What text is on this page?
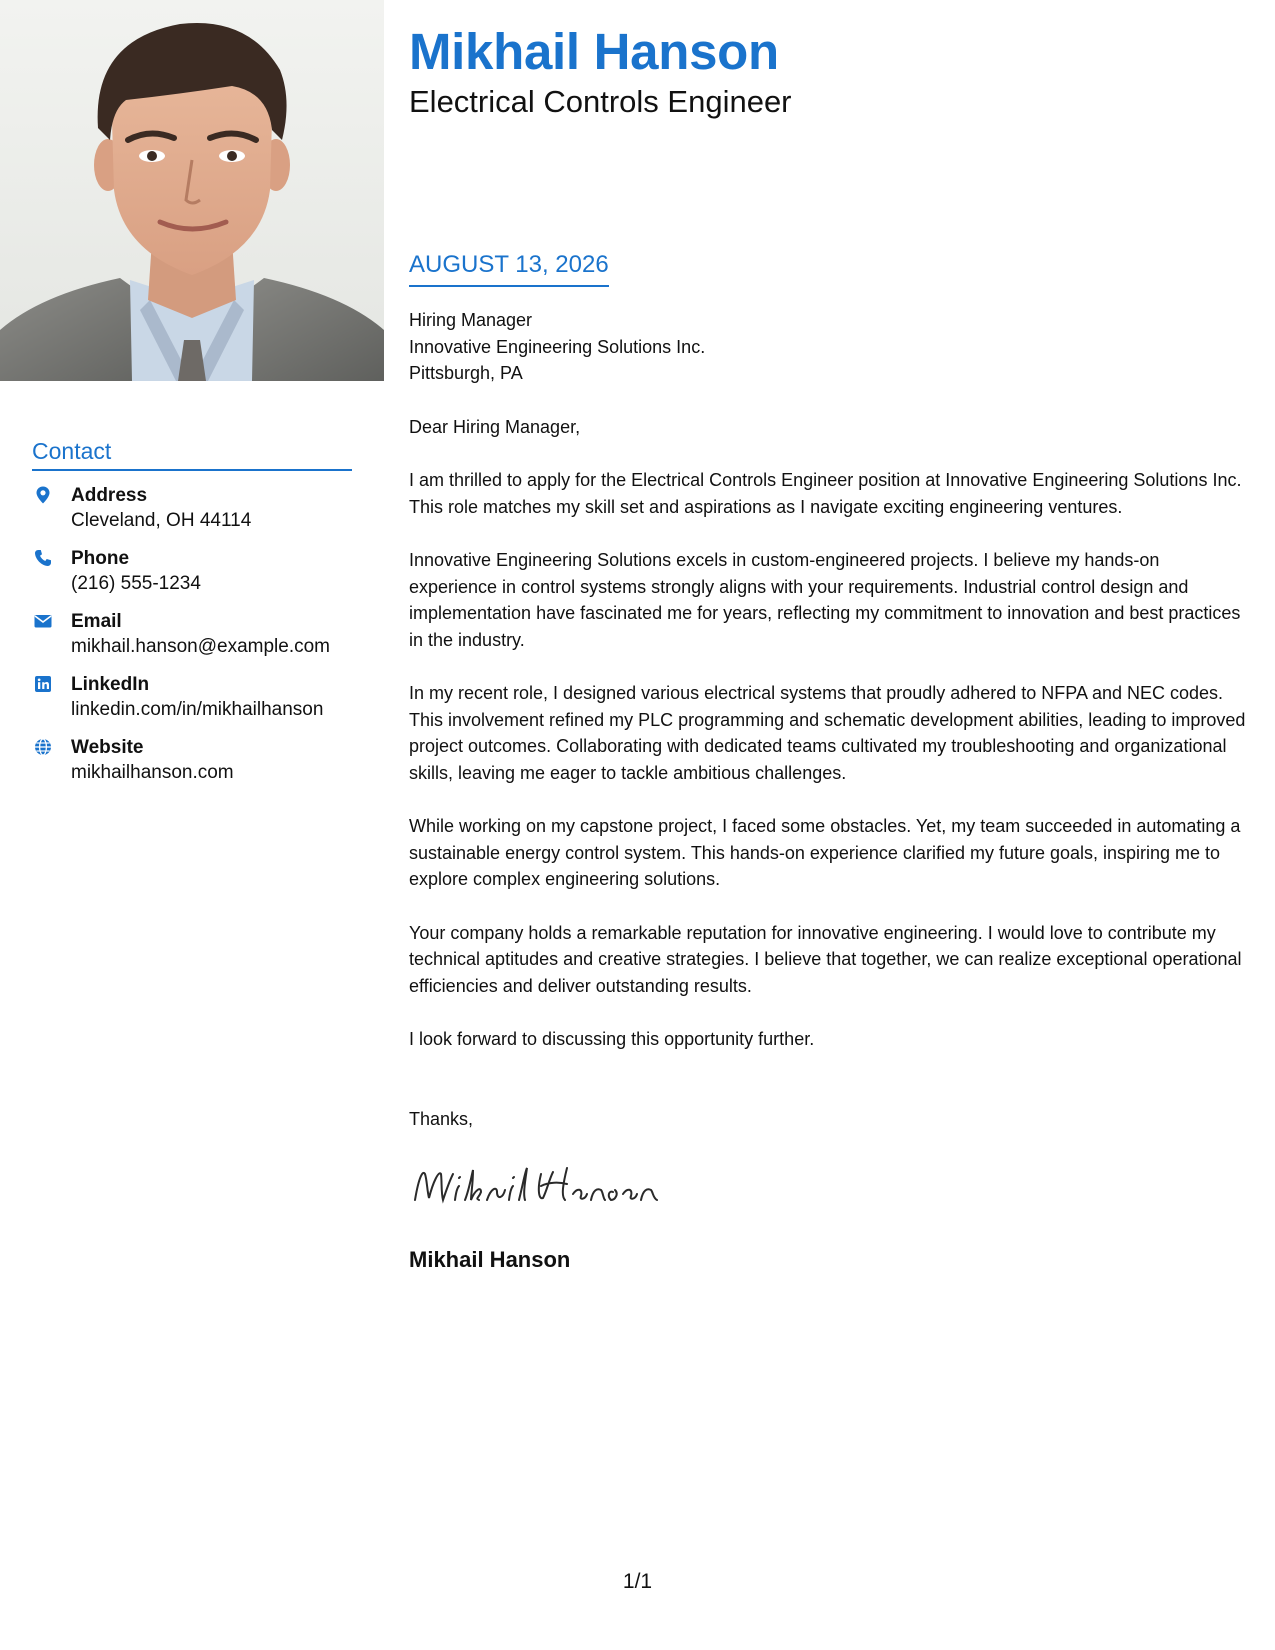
Contact
Address
Cleveland, OH 44114
Phone
(216) 555-1234
Email
mikhail.hanson@example.com
LinkedIn
linkedin.com/in/mikhailhanson
Website
mikhailhanson.com
Mikhail Hanson
Electrical Controls Engineer
AUGUST 13, 2026
Hiring Manager
Innovative Engineering Solutions Inc.
Pittsburgh, PA

Dear Hiring Manager,

I am thrilled to apply for the Electrical Controls Engineer position at Innovative Engineering Solutions Inc. This role matches my skill set and aspirations as I navigate exciting engineering ventures.

Innovative Engineering Solutions excels in custom-engineered projects. I believe my hands-on experience in control systems strongly aligns with your requirements. Industrial control design and implementation have fascinated me for years, reflecting my commitment to innovation and best practices in the industry.

In my recent role, I designed various electrical systems that proudly adhered to NFPA and NEC codes. This involvement refined my PLC programming and schematic development abilities, leading to improved project outcomes. Collaborating with dedicated teams cultivated my troubleshooting and organizational skills, leaving me eager to tackle ambitious challenges.

While working on my capstone project, I faced some obstacles. Yet, my team succeeded in automating a sustainable energy control system. This hands-on experience clarified my future goals, inspiring me to explore complex engineering solutions.

Your company holds a remarkable reputation for innovative engineering. I would love to contribute my technical aptitudes and creative strategies. I believe that together, we can realize exceptional operational efficiencies and deliver outstanding results.

I look forward to discussing this opportunity further.

Thanks,

Mikhail Hanson
1/1
